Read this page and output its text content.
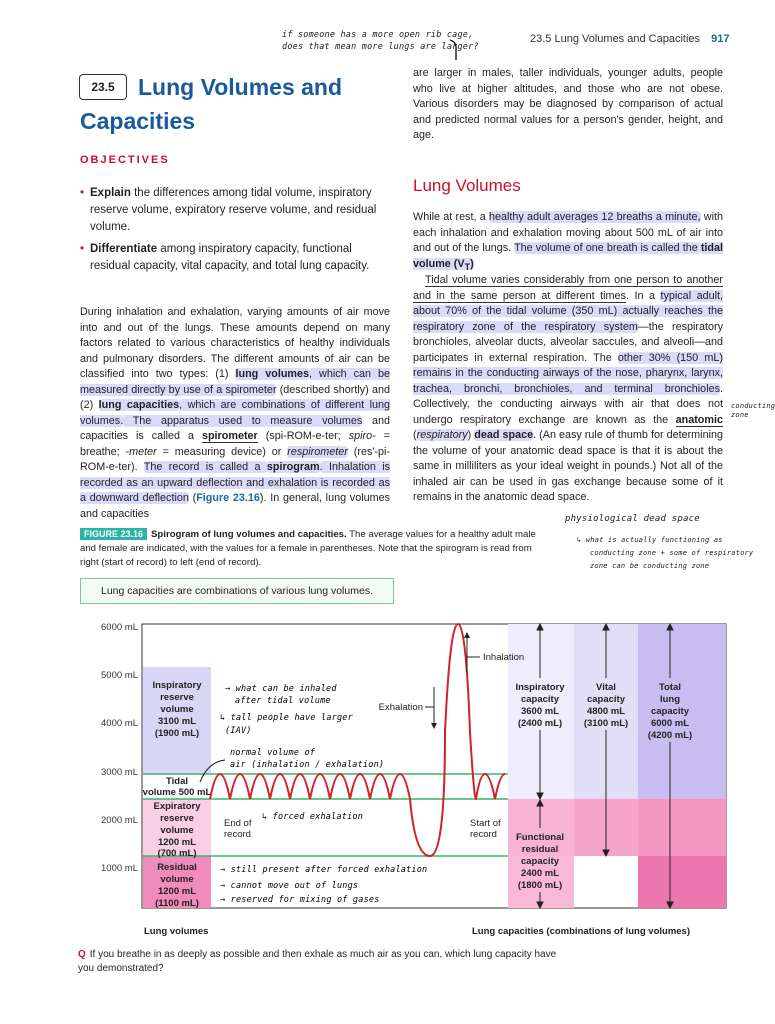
23.5 Lung Volumes and Capacities 917
if someone has a more open rib cage,
does that mean more lungs are larger?
23.5	Lung Volumes and Capacities
OBJECTIVES
• Explain the differences among tidal volume, inspiratory reserve volume, expiratory reserve volume, and residual volume.
• Differentiate among inspiratory capacity, functional residual capacity, vital capacity, and total lung capacity.
During inhalation and exhalation, varying amounts of air move into and out of the lungs. These amounts depend on many factors related to various characteristics of healthy individuals and pulmonary disorders. The different amounts of air can be classified into two types: (1) lung volumes, which can be measured directly by use of a spirometer (described shortly) and (2) lung capacities, which are combinations of different lung volumes. The apparatus used to measure volumes and capacities is called a spirometer (spi-ROM-e-ter; spiro- = breathe; -meter = measuring device) or respirometer (res'-pi-ROM-e-ter). The record is called a spirogram. Inhalation is recorded as an upward deflection and exhalation is recorded as a downward deflection (Figure 23.16). In general, lung volumes and capacities
are larger in males, taller individuals, younger adults, people who live at higher altitudes, and those who are not obese. Various disorders may be diagnosed by comparison of actual and predicted normal values for a person's gender, height, and age.
Lung Volumes
While at rest, a healthy adult averages 12 breaths a minute, with each inhalation and exhalation moving about 500 mL of air into and out of the lungs. The volume of one breath is called the tidal volume $(V_T)$
Tidal volume varies considerably from one person to another and in the same person at different times. In a typical adult, about 70% of the tidal volume (350 mL) actually reaches the respiratory zone of the respiratory system—the respiratory bronchioles, alveolar ducts, alveolar saccules, and alveoli—and participates in external respiration. The other 30% (150 mL) remains in the conducting airways of the nose, pharynx, larynx, trachea, bronchi, bronchioles, and terminal bronchioles. Collectively, the conducting airways with air that does not undergo respiratory exchange are known as the anatomic (respiratory) dead space. (An easy rule of thumb for determining the volume of your anatomic dead space is that it is about the same in milliliters as your ideal weight in pounds.) Not all of the inhaled air can be used in gas exchange because some of it remains in the anatomic dead space.
conducting zone
physiological dead space
↳ what is actually functioning as
conducting zone + some of respiratory
zone can be conducting zone
FIGURE 23.16 Spirogram of lung volumes and capacities. The average values for a healthy adult male and female are indicated, with the values for a female in parentheses. Note that the spirogram is read from right (start of record) to left (end of record).
Lung capacities are combinations of various lung volumes.
6000 mL
5000 mL
4000 mL
3000 mL
2000 mL
1000 mL
Inspiratory
reserve
volume
3100 mL
(1900 mL)
Tidal
volume 500 mL
Expiratory
reserve
volume
1200 mL
(700 mL)
Residual
volume
1200 mL
(1100 mL)
Inspiratory
capacity
3600 mL
(2400 mL)
Vital
capacity
4800 mL
(3100 mL)
Total
lung
capacity
6000 mL
(4200 mL)
Functional
residual
capacity
2400 mL
(1800 mL)
Inhalation
Exhalation
End of
record
Start of
record
Lung volumes	Lung capacities (combinations of lung volumes)
→ what can be inhaled
after tidal volume
↳ tall people have larger
(IAV)
normal volume of
air (inhalation / exhalation)
↳ forced exhalation
→ still present after forced exhalation
→ cannot move out of lungs
→ reserved for mixing of gases
Q If you breathe in as deeply as possible and then exhale as much air as you can, which lung capacity have you demonstrated?
